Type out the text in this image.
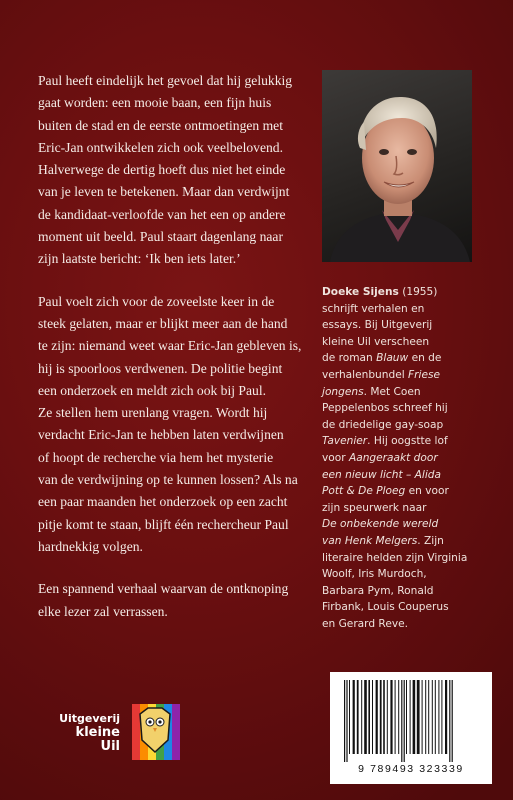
Paul heeft eindelijk het gevoel dat hij gelukkig
gaat worden: een mooie baan, een fijn huis
buiten de stad en de eerste ontmoetingen met
Eric-Jan ontwikkelen zich ook veelbelovend.
Halverwege de dertig hoeft dus niet het einde
van je leven te betekenen. Maar dan verdwijnt
de kandidaat-verloofde van het een op andere
moment uit beeld. Paul staart dagenlang naar
zijn laatste bericht: ‘Ik ben iets later.’

Paul voelt zich voor de zoveelste keer in de
steek gelaten, maar er blijkt meer aan de hand
te zijn: niemand weet waar Eric-Jan gebleven is,
hij is spoorloos verdwenen. De politie begint
een onderzoek en meldt zich ook bij Paul.
Ze stellen hem urenlang vragen. Wordt hij
verdacht Eric-Jan te hebben laten verdwijnen
of hoopt de recherche via hem het mysterie
van de verdwijning op te kunnen lossen? Als na
een paar maanden het onderzoek op een zacht
pitje komt te staan, blijft één rechercheur Paul
hardnekkig volgen.

Een spannend verhaal waarvan de ontknoping
elke lezer zal verrassen.

Doeke Sijens (1955)
schrijft verhalen en
essays. Bij Uitgeverij
kleine Uil verscheen
de roman Blauw en de
verhalenbundel Friese
jongens. Met Coen
Peppelenbos schreef hij
de driedelige gay-soap
Tavenier. Hij oogstte lof
voor Aangeraakt door
een nieuw licht – Alida
Pott & De Ploeg en voor
zijn speurwerk naar
De onbekende wereld
van Henk Melgers. Zijn
literaire helden zijn Virginia
Woolf, Iris Murdoch,
Barbara Pym, Ronald
Firbank, Louis Couperus
en Gerard Reve.
Uitgeverij
kleine Uil
9 789493 323339
